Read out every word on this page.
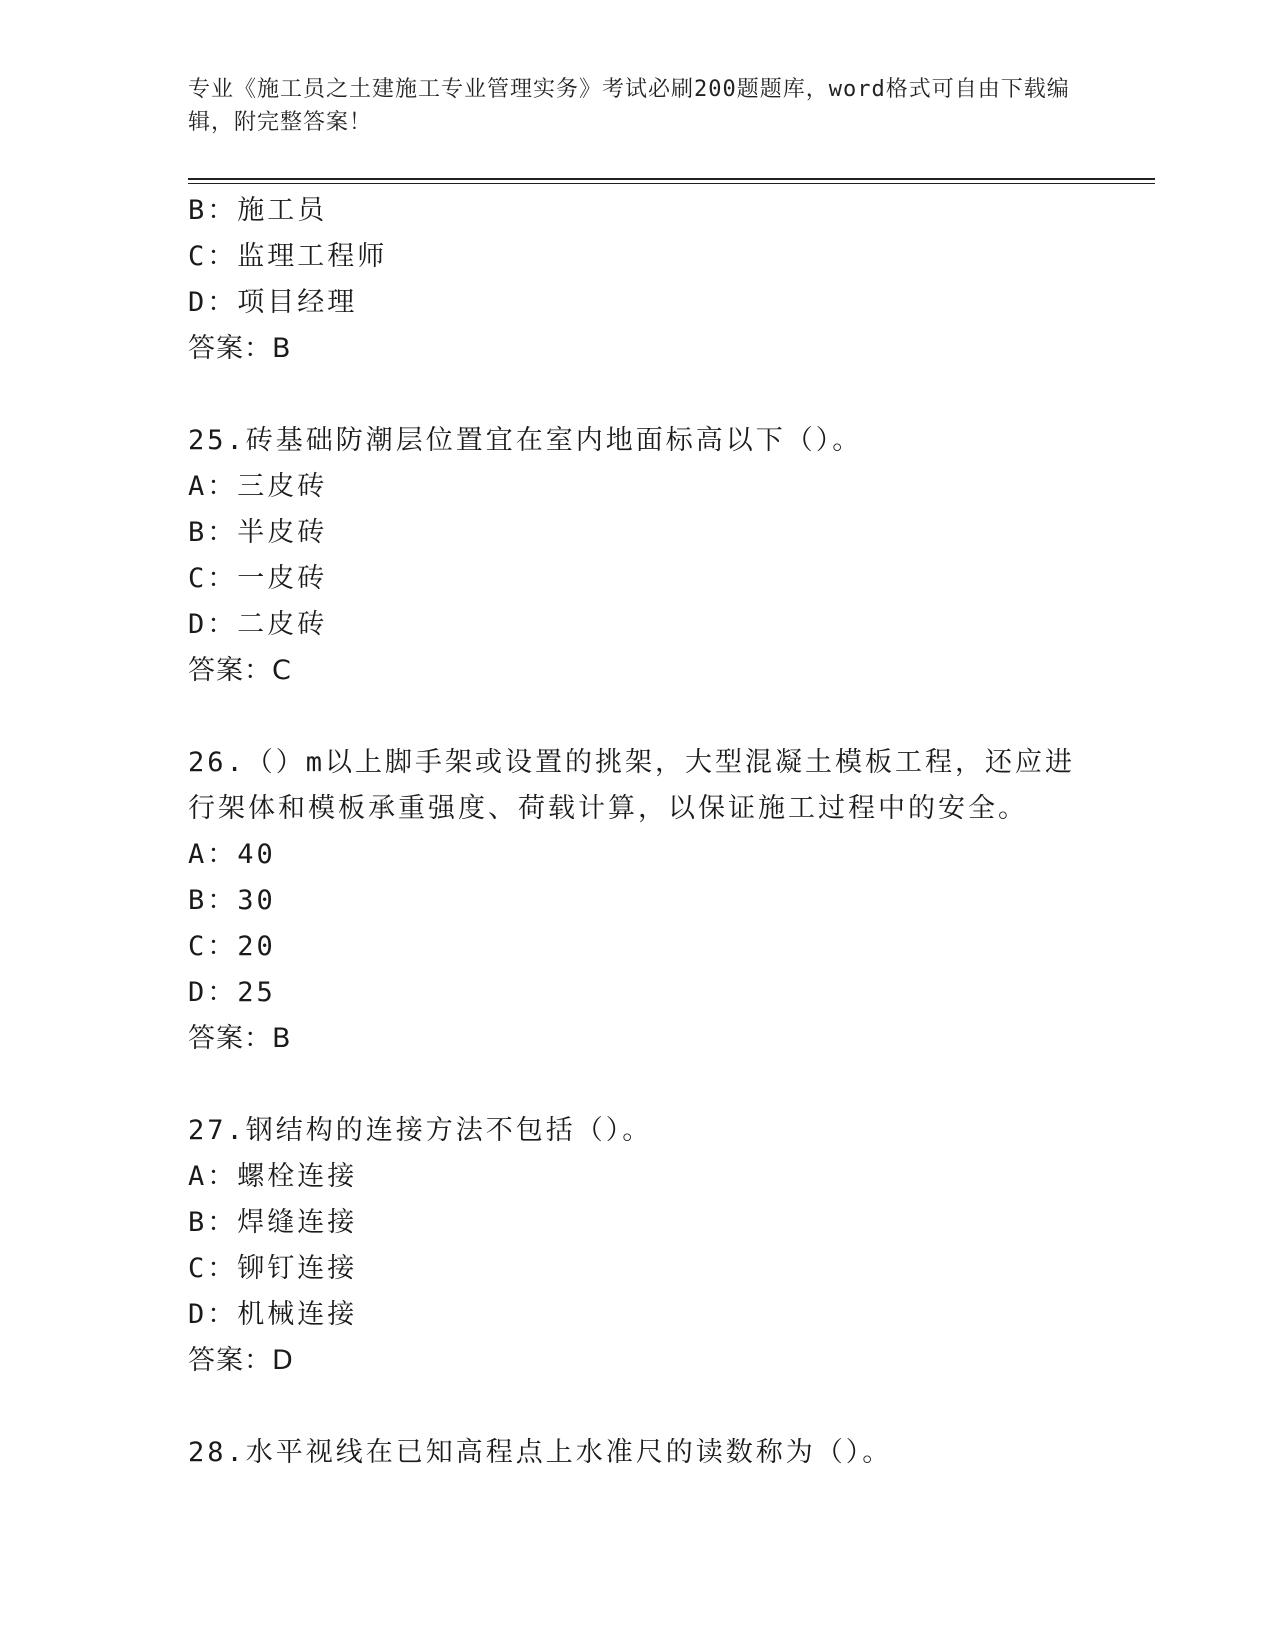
专业《施工员之土建施工专业管理实务》考试必刷200题题库，word格式可自由下载编辑，附完整答案！
B：施工员
C：监理工程师
D：项目经理
答案：B
25.砖基础防潮层位置宜在室内地面标高以下（）。
A：三皮砖
B：半皮砖
C：一皮砖
D：二皮砖
答案：C
26.（）m以上脚手架或设置的挑架，大型混凝土模板工程，还应进行架体和模板承重强度、荷载计算，以保证施工过程中的安全。
A：40
B：30
C：20
D：25
答案：B
27.钢结构的连接方法不包括（）。
A：螺栓连接
B：焊缝连接
C：铆钉连接
D：机械连接
答案：D
28.水平视线在已知高程点上水准尺的读数称为（）。
